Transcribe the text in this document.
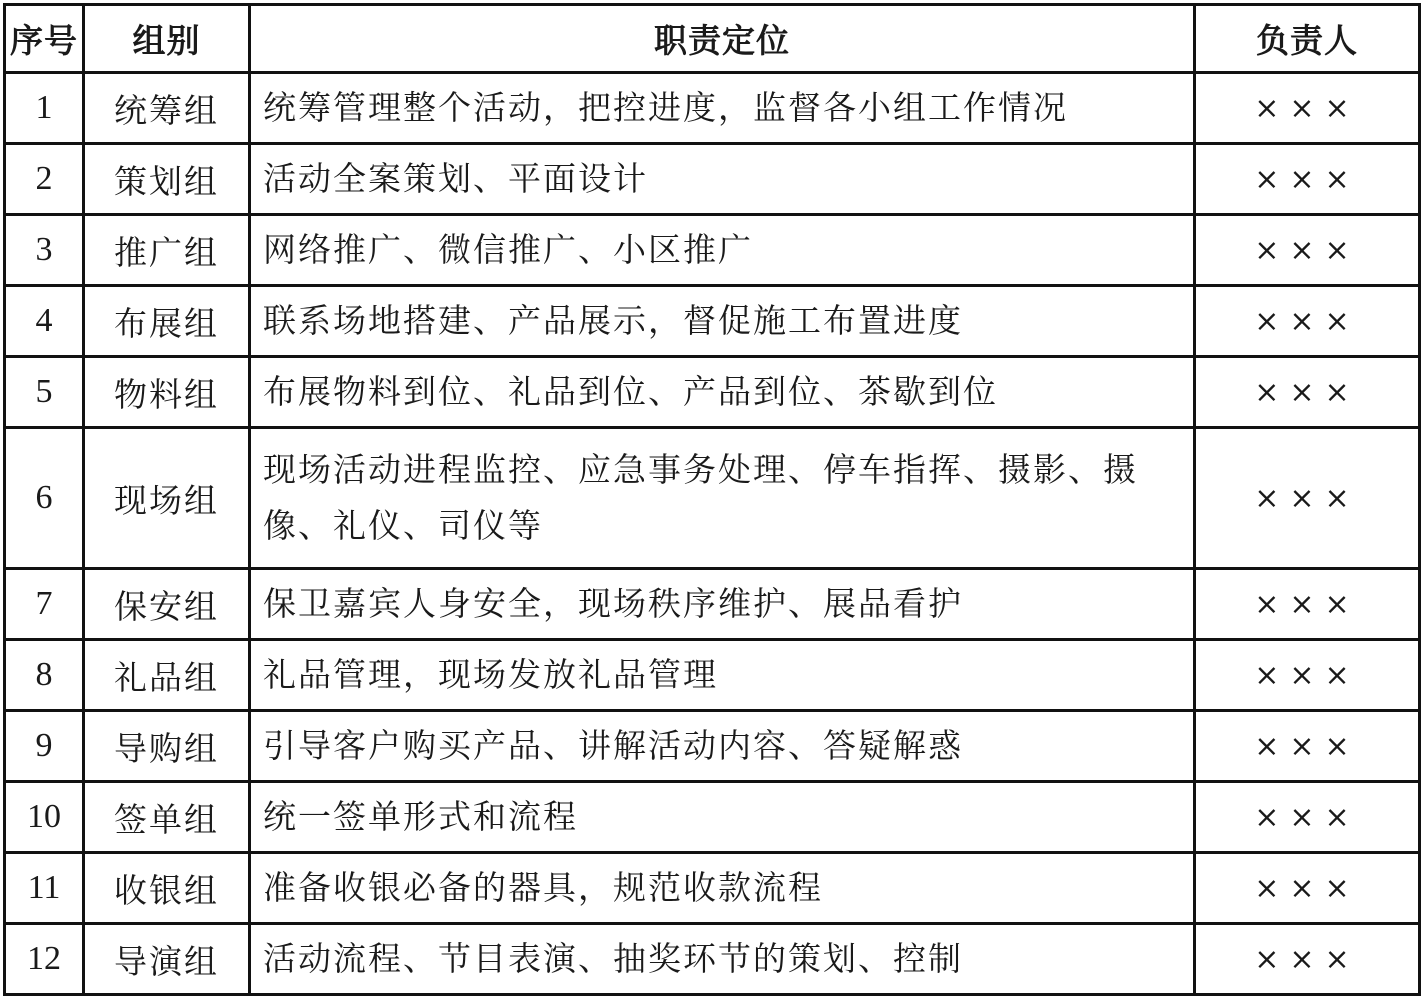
序号	组别	职责定位	负责人
1	统筹组	统筹管理整个活动，把控进度，监督各小组工作情况	×××
2	策划组	活动全案策划、平面设计	×××
3	推广组	网络推广、微信推广、小区推广	×××
4	布展组	联系场地搭建、产品展示，督促施工布置进度	×××
5	物料组	布展物料到位、礼品到位、产品到位、茶歇到位	×××
6	现场组	现场活动进程监控、应急事务处理、停车指挥、摄影、摄像、礼仪、司仪等	×××
7	保安组	保卫嘉宾人身安全，现场秩序维护、展品看护	×××
8	礼品组	礼品管理，现场发放礼品管理	×××
9	导购组	引导客户购买产品、讲解活动内容、答疑解惑	×××
10	签单组	统一签单形式和流程	×××
11	收银组	准备收银必备的器具，规范收款流程	×××
12	导演组	活动流程、节目表演、抽奖环节的策划、控制	×××
